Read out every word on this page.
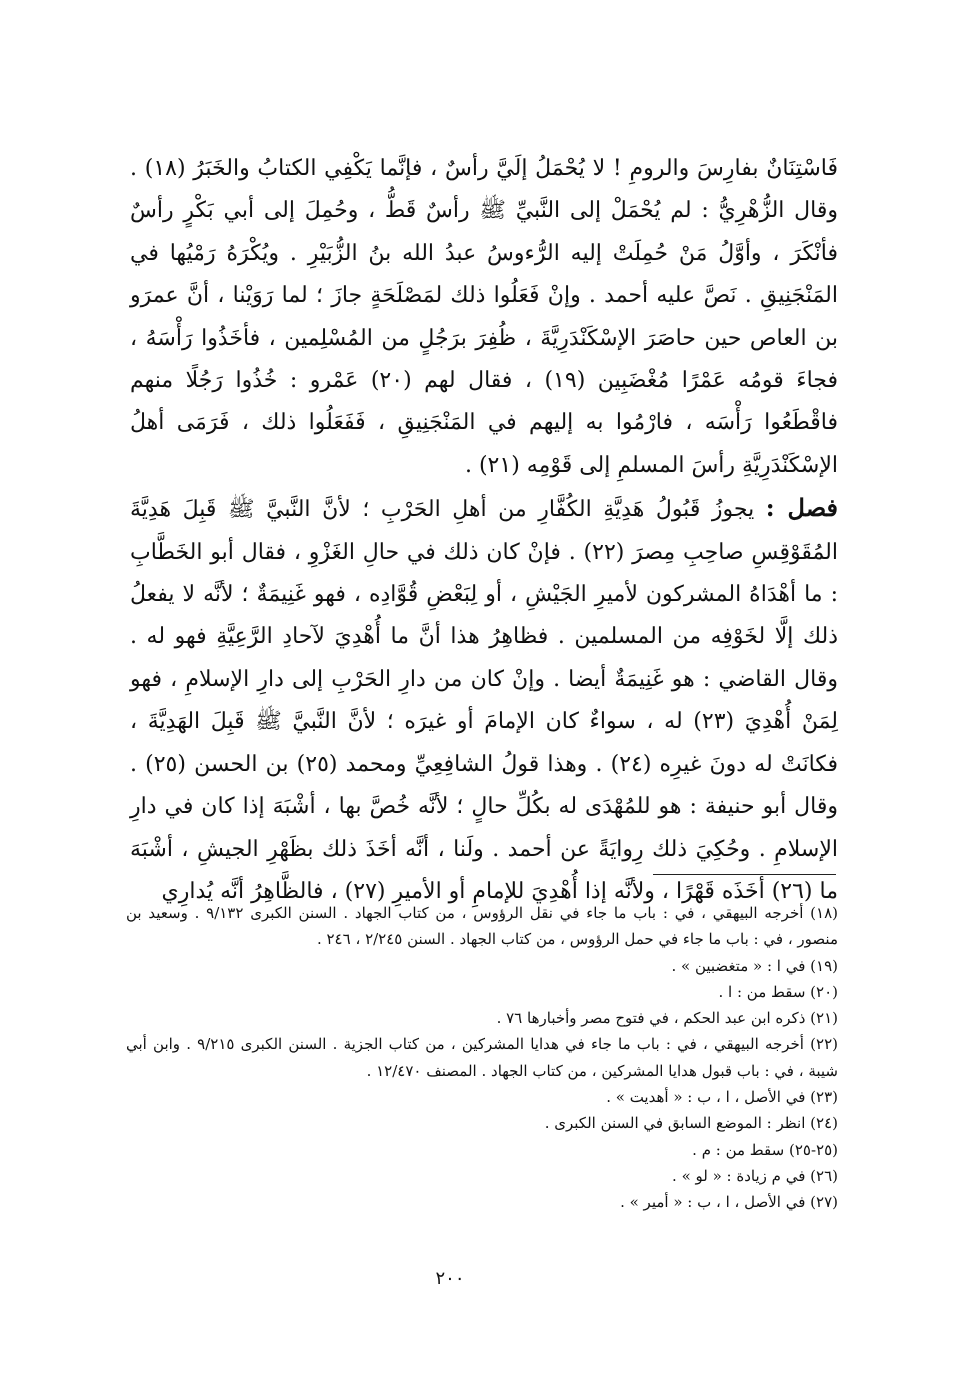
فَاسْتِنَانٌ بفارِسَ والرومِ ! لا يُحْمَلُ إلَيَّ رأسٌ ، فإنَّما يَكْفِي الكتابُ والخَبَرُ (١٨) . وقال الزُّهْرِيُّ : لم يُحْمَلْ إلى النَّبيِّ ﷺ رأسٌ قَطُّ ، وحُمِلَ إلى أبي بَكْرٍ رأسٌ فأنْكَرَ ، وأوَّلُ مَنْ حُمِلَتْ إليه الرُّءوسُ عبدُ الله بنُ الزُّبَيْرِ . ويُكْرَهُ رَمْيُها في المَنْجَنِيقِ . نَصَّ عليه أحمد . وإنْ فَعَلُوا ذلك لمَصْلَحَةٍ جازَ ؛ لما رَوَيْنا ، أنَّ عمرَو بن العاص حين حاصَرَ الإسْكَنْدَرِيَّةَ ، ظُفِرَ برَجُلٍ من المُسْلِمين ، فأخَذُوا رَأْسَهُ ، فجاءَ قومُه عَمْرًا مُغْضَبِين (١٩) ، فقال لهم (٢٠) عَمْرو : خُذُوا رَجُلًا منهم فاقْطَعُوا رَأْسَه ، فارْمُوا به إليهم في المَنْجَنِيقِ ، فَفَعَلُوا ذلك ، فَرَمَى أهلُ الإسْكَنْدَرِيَّةِ رأسَ المسلمِ إلى قَوْمِه (٢١) .

فصل : يجوزُ قَبُولُ هَدِيَّةِ الكُفَّارِ من أهلِ الحَرْبِ ؛ لأنَّ النَّبيَّ ﷺ قَبِلَ هَدِيَّةَ المُقَوْقِسِ صاحِبِ مِصرَ (٢٢) . فإنْ كان ذلك في حالِ الغَزْوِ ، فقال أبو الخَطَّابِ : ما أهْدَاهُ المشركون لأميرِ الجَيْشِ ، أو لِبَعْضِ قُوَّادِه ، فهو غَنِيمَةٌ ؛ لأنَّه لا يفعلُ ذلك إلَّا لخَوْفِه من المسلمين . فظاهِرُ هذا أنَّ ما أُهْدِيَ لآحادِ الرَّعِيَّةِ فهو له . وقال القاضي : هو غَنِيمَةٌ أيضا . وإنْ كان من دارِ الحَرْبِ إلى دارِ الإسلامِ ، فهو لِمَنْ أُهْدِيَ (٢٣) له ، سواءٌ كان الإمامَ أو غيرَه ؛ لأنَّ النَّبيَّ ﷺ قَبِلَ الهَدِيَّةَ ، فكانَتْ له دونَ غيرِه (٢٤) . وهذا قولُ الشافِعِيِّ ومحمد (٢٥) بن الحسن (٢٥) . وقال أبو حنيفة : هو للمُهْدَى له بكُلِّ حالٍ ؛ لأنَّه خُصَّ بها ، أشْبَهَ إذا كان في دارِ الإسلامِ . وحُكِيَ ذلك رِوايَةً عن أحمد . ولَنا ، أنَّه أخَذَ ذلك بظَهْرِ الجيشِ ، أشْبَهَ ما (٢٦) أخَذَه قَهْرًا ، ولأنَّه إذا أُهْدِيَ للإمامِ أو الأميرِ (٢٧) ، فالظَّاهِرُ أنَّه يُدارِي

(١٨) أخرجه البيهقي ، في : باب ما جاء في نقل الرؤوس ، من كتاب الجهاد . السنن الكبرى ٩/١٣٢ . وسعيد بن منصور ، في : باب ما جاء في حمل الرؤوس ، من كتاب الجهاد . السنن ٢/٢٤٥ ، ٢٤٦ .

(١٩) في ا : « متغضبين » .

(٢٠) سقط من : ا .

(٢١) ذكره ابن عبد الحكم ، في فتوح مصر وأخبارها ٧٦ .

(٢٢) أخرجه البيهقي ، في : باب ما جاء في هدايا المشركين ، من كتاب الجزية . السنن الكبرى ٩/٢١٥ . وابن أبي شيبة ، في : باب قبول هدايا المشركين ، من كتاب الجهاد . المصنف ١٢/٤٧٠ .

(٢٣) في الأصل ، ا ، ب : « أهديت » .

(٢٤) انظر : الموضع السابق في السنن الكبرى .

(٢٥-٢٥) سقط من : م .

(٢٦) في م زيادة : « لو » .

(٢٧) في الأصل ، ا ، ب : « أمير » .

٢٠٠
